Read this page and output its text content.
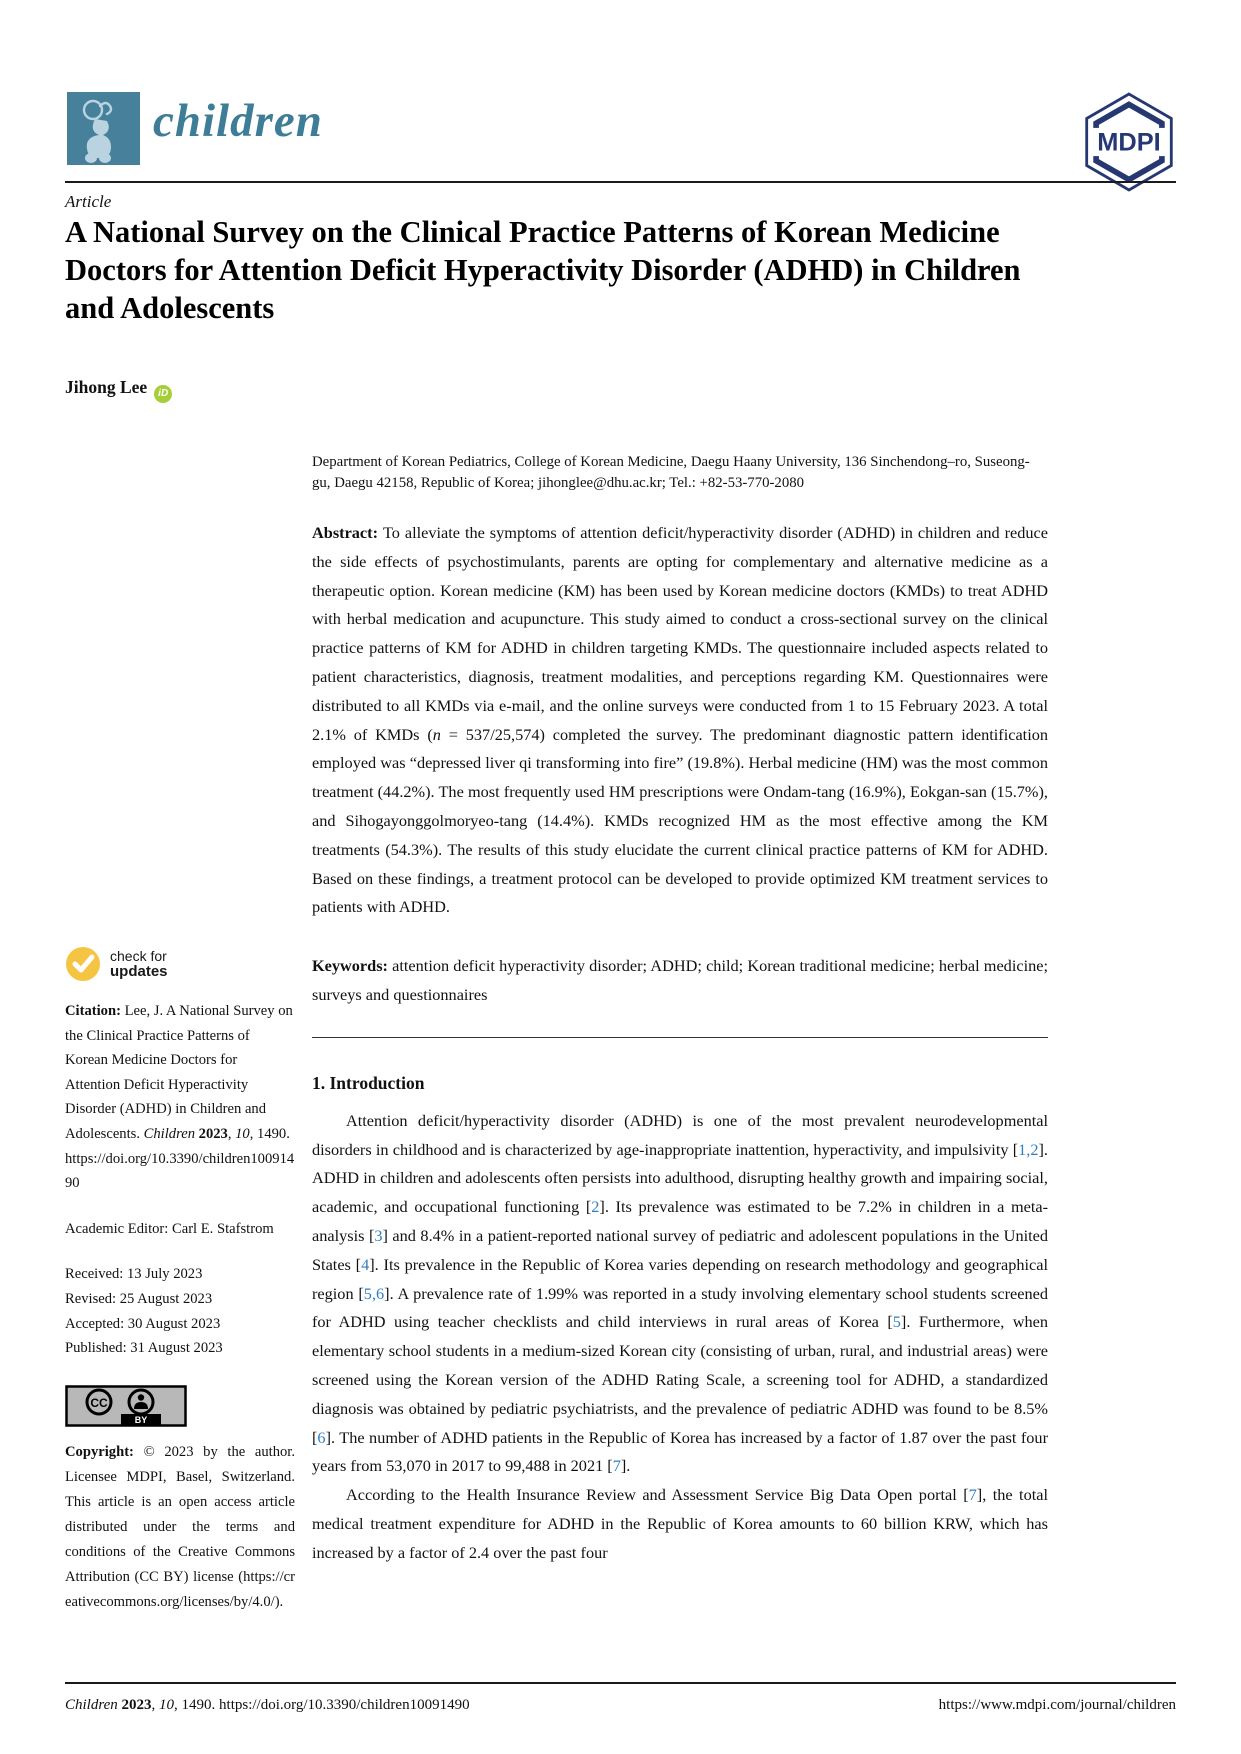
children	MDPI
Article
A National Survey on the Clinical Practice Patterns of Korean Medicine Doctors for Attention Deficit Hyperactivity Disorder (ADHD) in Children and Adolescents
Jihong Lee iD
Department of Korean Pediatrics, College of Korean Medicine, Daegu Haany University, 136 Sinchendong–ro, Suseong-gu, Daegu 42158, Republic of Korea; jihonglee@dhu.ac.kr; Tel.: +82-53-770-2080
Abstract: To alleviate the symptoms of attention deficit/hyperactivity disorder (ADHD) in children and reduce the side effects of psychostimulants, parents are opting for complementary and alternative medicine as a therapeutic option. Korean medicine (KM) has been used by Korean medicine doctors (KMDs) to treat ADHD with herbal medication and acupuncture. This study aimed to conduct a cross-sectional survey on the clinical practice patterns of KM for ADHD in children targeting KMDs. The questionnaire included aspects related to patient characteristics, diagnosis, treatment modalities, and perceptions regarding KM. Questionnaires were distributed to all KMDs via e-mail, and the online surveys were conducted from 1 to 15 February 2023. A total 2.1% of KMDs (n = 537/25,574) completed the survey. The predominant diagnostic pattern identification employed was “depressed liver qi transforming into fire” (19.8%). Herbal medicine (HM) was the most common treatment (44.2%). The most frequently used HM prescriptions were Ondam-tang (16.9%), Eokgan-san (15.7%), and Sihogayonggolmoryeo-tang (14.4%). KMDs recognized HM as the most effective among the KM treatments (54.3%). The results of this study elucidate the current clinical practice patterns of KM for ADHD. Based on these findings, a treatment protocol can be developed to provide optimized KM treatment services to patients with ADHD.
Keywords: attention deficit hyperactivity disorder; ADHD; child; Korean traditional medicine; herbal medicine; surveys and questionnaires
1. Introduction

Attention deficit/hyperactivity disorder (ADHD) is one of the most prevalent neurodevelopmental disorders in childhood and is characterized by age-inappropriate inattention, hyperactivity, and impulsivity [1,2]. ADHD in children and adolescents often persists into adulthood, disrupting healthy growth and impairing social, academic, and occupational functioning [2]. Its prevalence was estimated to be 7.2% in children in a meta-analysis [3] and 8.4% in a patient-reported national survey of pediatric and adolescent populations in the United States [4]. Its prevalence in the Republic of Korea varies depending on research methodology and geographical region [5,6]. A prevalence rate of 1.99% was reported in a study involving elementary school students screened for ADHD using teacher checklists and child interviews in rural areas of Korea [5]. Furthermore, when elementary school students in a medium-sized Korean city (consisting of urban, rural, and industrial areas) were screened using the Korean version of the ADHD Rating Scale, a screening tool for ADHD, a standardized diagnosis was obtained by pediatric psychiatrists, and the prevalence of pediatric ADHD was found to be 8.5% [6]. The number of ADHD patients in the Republic of Korea has increased by a factor of 1.87 over the past four years from 53,070 in 2017 to 99,488 in 2021 [7].

According to the Health Insurance Review and Assessment Service Big Data Open portal [7], the total medical treatment expenditure for ADHD in the Republic of Korea amounts to 60 billion KRW, which has increased by a factor of 2.4 over the past four

check for
updates
Citation: Lee, J. A National Survey on the Clinical Practice Patterns of Korean Medicine Doctors for Attention Deficit Hyperactivity Disorder (ADHD) in Children and Adolescents. Children 2023, 10, 1490. https://doi.org/10.3390/children10091490
Academic Editor: Carl E. Stafstrom
Received: 13 July 2023
Revised: 25 August 2023
Accepted: 30 August 2023
Published: 31 August 2023
CC
BY
Copyright: © 2023 by the author. Licensee MDPI, Basel, Switzerland. This article is an open access article distributed under the terms and conditions of the Creative Commons Attribution (CC BY) license (https://creativecommons.org/licenses/by/4.0/).
Children 2023, 10, 1490. https://doi.org/10.3390/children10091490	https://www.mdpi.com/journal/children
